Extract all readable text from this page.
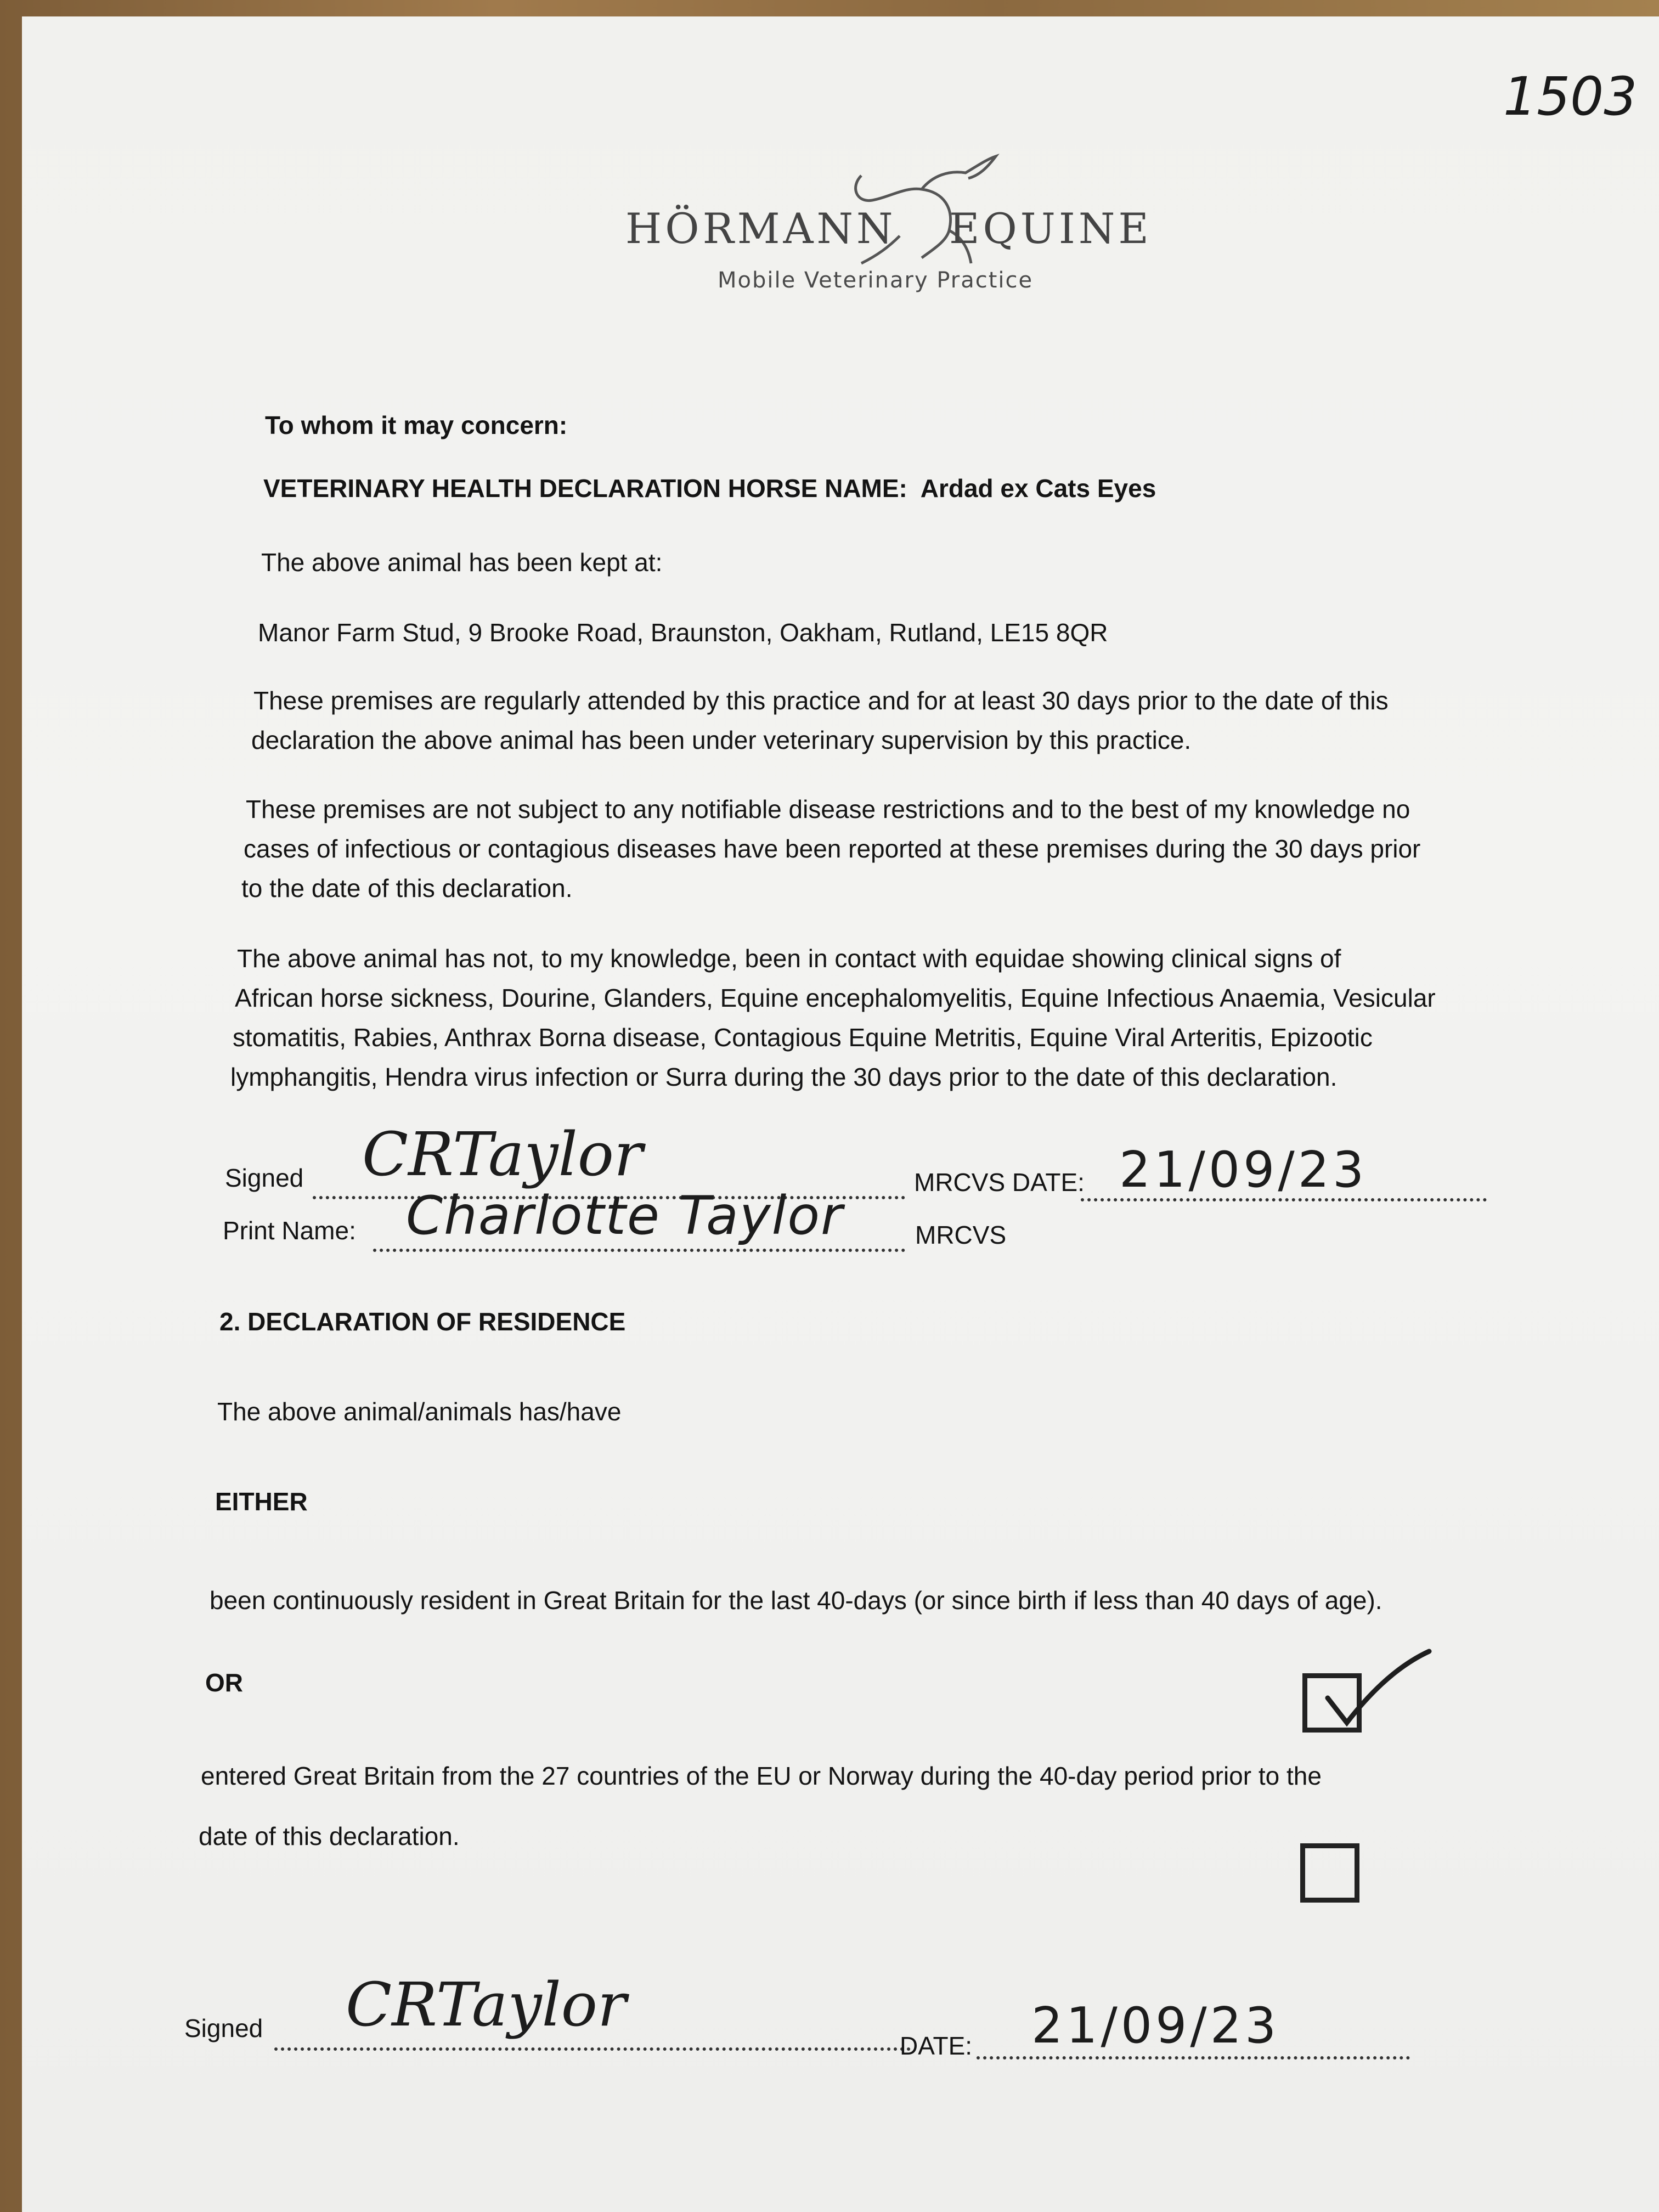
1503
HÖRMANN EQUINE
Mobile Veterinary Practice
To whom it may concern:
VETERINARY HEALTH DECLARATION HORSE NAME: Ardad ex Cats Eyes
The above animal has been kept at:
Manor Farm Stud, 9 Brooke Road, Braunston, Oakham, Rutland, LE15 8QR
These premises are regularly attended by this practice and for at least 30 days prior to the date of this
declaration the above animal has been under veterinary supervision by this practice.
These premises are not subject to any notifiable disease restrictions and to the best of my knowledge no
cases of infectious or contagious diseases have been reported at these premises during the 30 days prior
to the date of this declaration.
The above animal has not, to my knowledge, been in contact with equidae showing clinical signs of
African horse sickness, Dourine, Glanders, Equine encephalomyelitis, Equine Infectious Anaemia, Vesicular
stomatitis, Rabies, Anthrax Borna disease, Contagious Equine Metritis, Equine Viral Arteritis, Epizootic
lymphangitis, Hendra virus infection or Surra during the 30 days prior to the date of this declaration.
Signed CRTaylor	MRCVS DATE: 21/09/23
Print Name: Charlotte Taylor	MRCVS
2. DECLARATION OF RESIDENCE
The above animal/animals has/have
EITHER
been continuously resident in Great Britain for the last 40-days (or since birth if less than 40 days of age).
OR
entered Great Britain from the 27 countries of the EU or Norway during the 40-day period prior to the
date of this declaration.
Signed CRTaylor
DATE: 21/09/23
